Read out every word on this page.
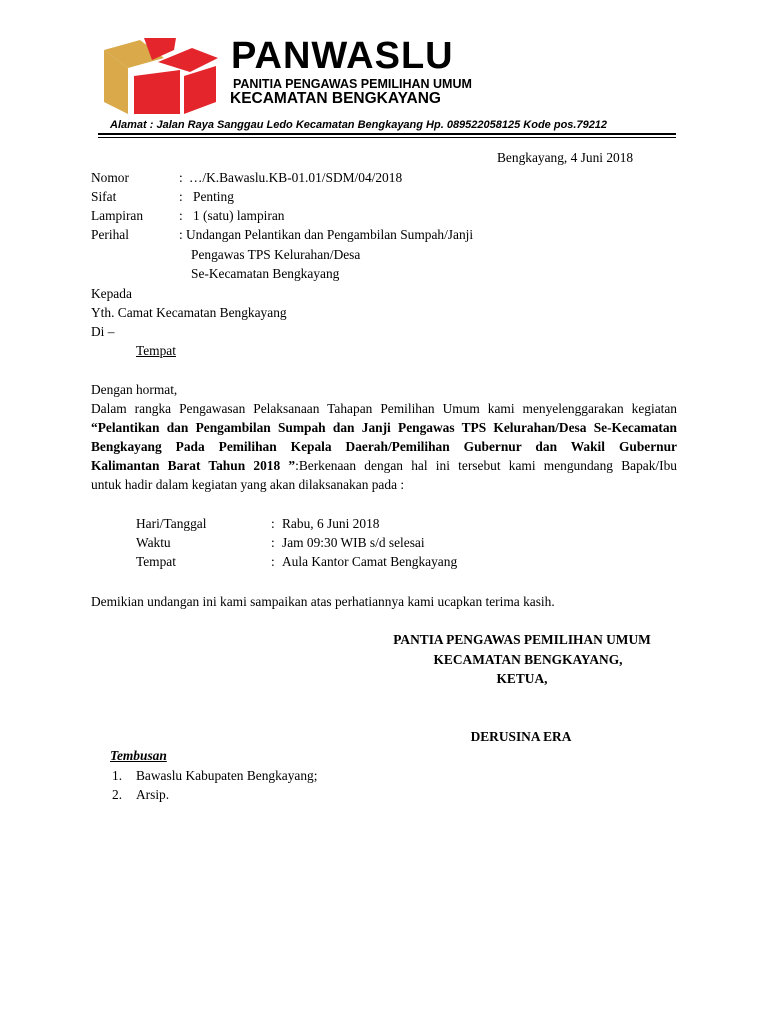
PANWASLU
PANITIA PENGAWAS PEMILIHAN UMUM
KECAMATAN BENGKAYANG
Alamat : Jalan Raya Sanggau Ledo Kecamatan Bengkayang Hp. 089522058125 Kode pos.79212
Bengkayang, 4 Juni 2018
Nomor	: …/K.Bawaslu.KB-01.01/SDM/04/2018
Sifat	: Penting
Lampiran	: 1 (satu) lampiran
Perihal	: Undangan Pelantikan dan Pengambilan Sumpah/Janji
Pengawas TPS Kelurahan/Desa
Se-Kecamatan Bengkayang
Kepada
Yth. Camat Kecamatan Bengkayang
Di –
Tempat
Dengan hormat,

Dalam rangka Pengawasan Pelaksanaan Tahapan Pemilihan Umum kami menyelenggarakan kegiatan

“Pelantikan dan Pengambilan Sumpah dan Janji Pengawas TPS Kelurahan/Desa Se-Kecamatan

Bengkayang Pada Pemilihan Kepala Daerah/Pemilihan Gubernur dan Wakil Gubernur

Kalimantan Barat Tahun 2018 ”:Berkenaan dengan hal ini tersebut kami mengundang Bapak/Ibu

untuk hadir dalam kegiatan yang akan dilaksanakan pada :

Hari/Tanggal	: Rabu, 6 Juni 2018
Waktu	: Jam 09:30 WIB s/d selesai
Tempat	: Aula Kantor Camat Bengkayang
Demikian undangan ini kami sampaikan atas perhatiannya kami ucapkan terima kasih.
PANTIA PENGAWAS PEMILIHAN UMUM
KECAMATAN BENGKAYANG,
KETUA,
DERUSINA ERA
Tembusan
1. Bawaslu Kabupaten Bengkayang;
2. Arsip.
